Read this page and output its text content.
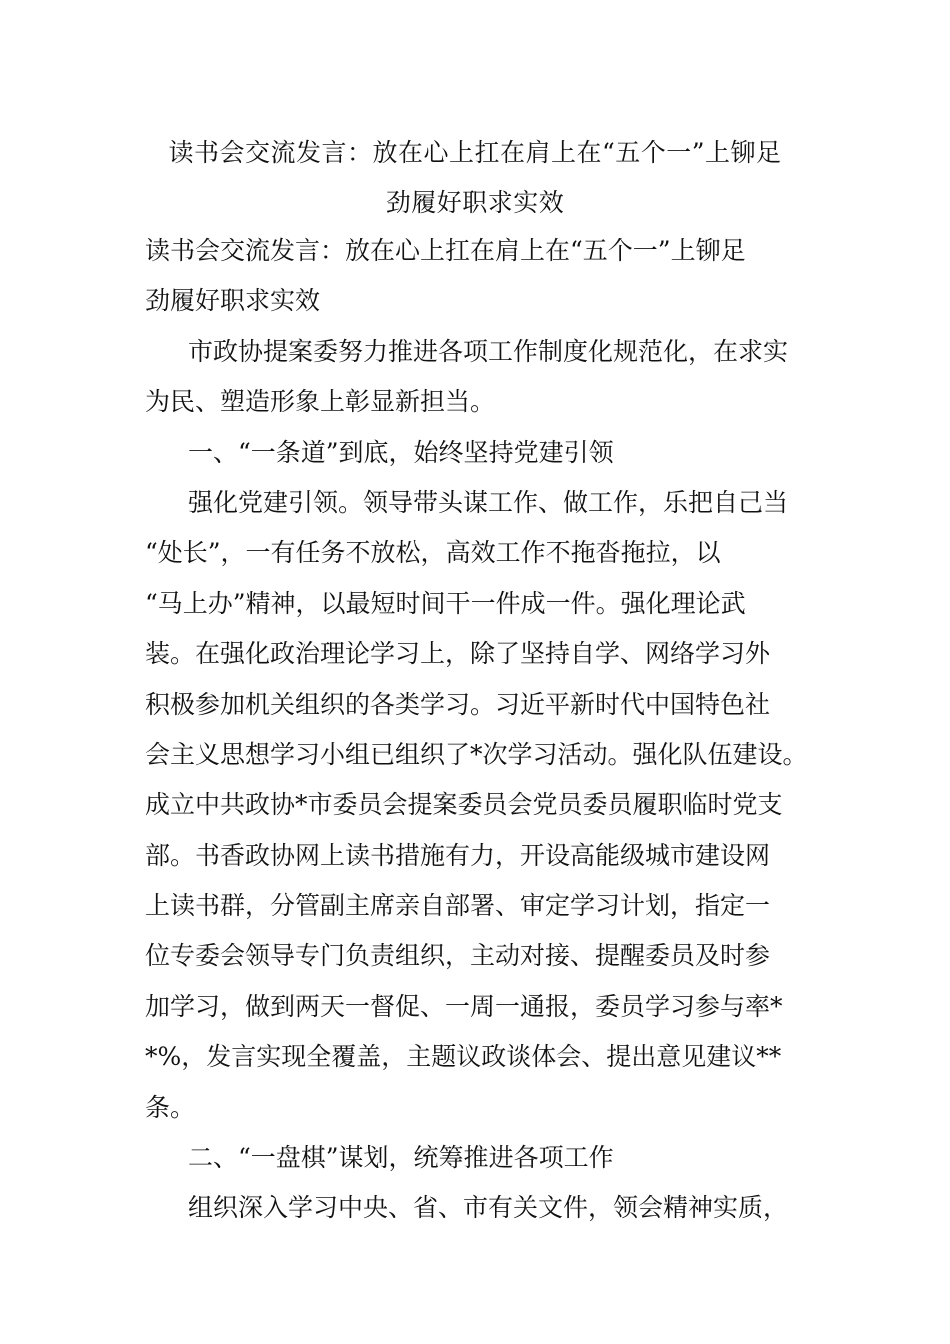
读书会交流发言：放在心上扛在肩上在“五个一”上铆足
劲履好职求实效
读书会交流发言：放在心上扛在肩上在“五个一”上铆足
劲履好职求实效
市政协提案委努力推进各项工作制度化规范化，在求实
为民、塑造形象上彰显新担当。
一、“一条道”到底，始终坚持党建引领
强化党建引领。领导带头谋工作、做工作，乐把自己当
“处长”，一有任务不放松，高效工作不拖沓拖拉，以
“马上办”精神，以最短时间干一件成一件。强化理论武
装。在强化政治理论学习上，除了坚持自学、网络学习外
积极参加机关组织的各类学习。习近平新时代中国特色社
会主义思想学习小组已组织了*次学习活动。强化队伍建设。
成立中共政协*市委员会提案委员会党员委员履职临时党支
部。书香政协网上读书措施有力，开设高能级城市建设网
上读书群，分管副主席亲自部署、审定学习计划，指定一
位专委会领导专门负责组织，主动对接、提醒委员及时参
加学习，做到两天一督促、一周一通报，委员学习参与率*
*%，发言实现全覆盖，主题议政谈体会、提出意见建议**
条。
二、“一盘棋”谋划，统筹推进各项工作
组织深入学习中央、省、市有关文件，领会精神实质，
